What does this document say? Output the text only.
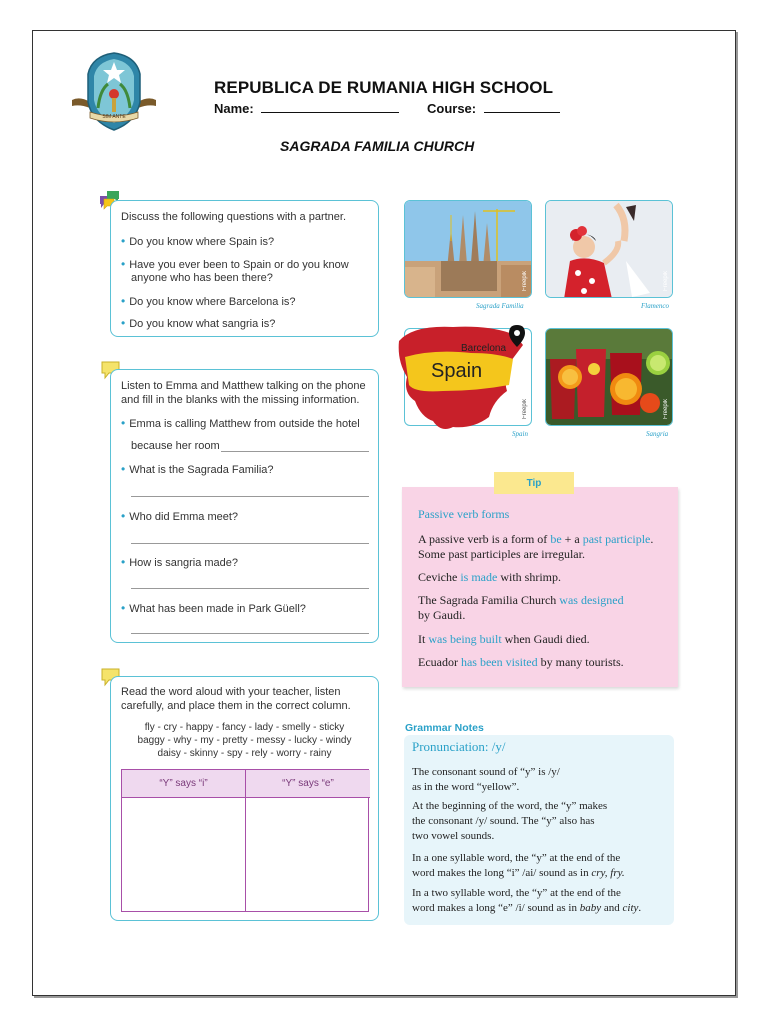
SIM ANTE
REPUBLICA DE RUMANIA HIGH SCHOOL
Name:	Course:
SAGRADA FAMILIA CHURCH
Discuss the following questions with a partner.
• Do you know where Spain is?
• Have you ever been to Spain or do you know
anyone who has been there?
• Do you know where Barcelona is?
• Do you know what sangria is?
Listen to Emma and Matthew talking on the phone
and fill in the blanks with the missing information.
• Emma is calling Matthew from outside the hotel
because her room
• What is the Sagrada Familia?
• Who did Emma meet?
• How is sangria made?
• What has been made in Park Güell?
Read the word aloud with your teacher, listen
carefully, and place them in the correct column.
fly - cry - happy - fancy - lady - smelly - sticky
baggy - why - my - pretty - messy - lucky - windy
daisy - skinny - spy - rely - worry - rainy
“Y” says “i”	“Y” says “e”
Freepik
Sagrada Familia
Freepik
Flamenco
Spain
Barcelona
Freepik
Spain
Freepik
Sangria
Passive verb forms
A passive verb is a form of be + a past participle.
Some past participles are irregular.
Ceviche is made with shrimp.
The Sagrada Familia Church was designed
by Gaudi.
It was being built when Gaudi died.
Ecuador has been visited by many tourists.
Tip
Grammar Notes
Pronunciation: /y/
The consonant sound of “y” is /y/
as in the word “yellow”.
At the beginning of the word, the “y” makes
the consonant /y/ sound. The “y” also has
two vowel sounds.
In a one syllable word, the “y” at the end of the
word makes the long “i” /ai/ sound as in cry, fry.
In a two syllable word, the “y” at the end of the
word makes a long “e” /i/ sound as in baby and city.
